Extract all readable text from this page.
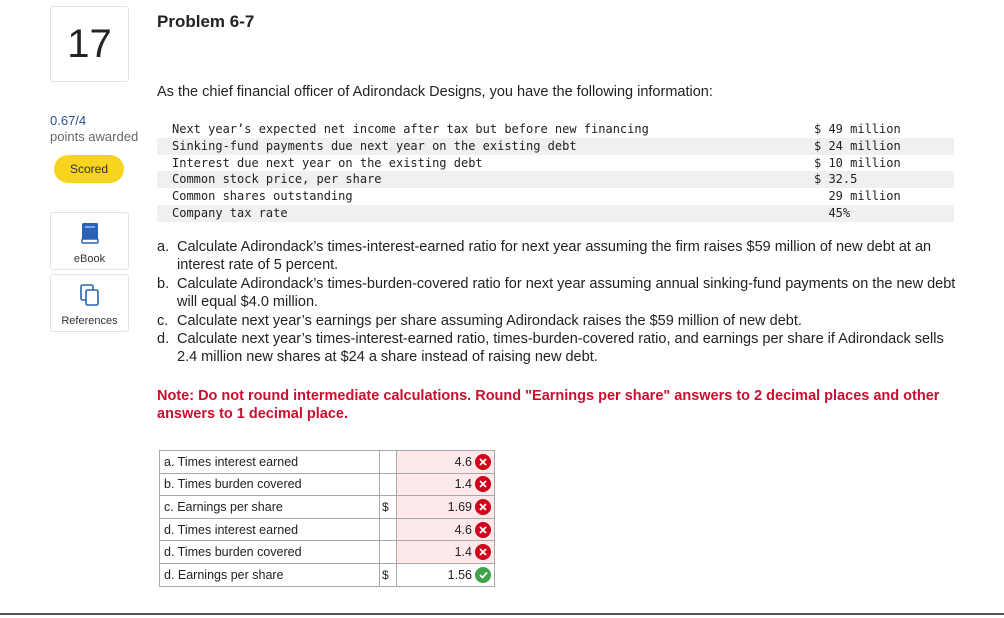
17
0.67/4
points awarded
Scored
eBook
References
Problem 6-7
As the chief financial officer of Adirondack Designs, you have the following information:
Next year’s expected net income after tax but before new financing	$ 49 million
Sinking-fund payments due next year on the existing debt	$ 24 million
Interest due next year on the existing debt	$ 10 million
Common stock price, per share	$ 32.5
Common shares outstanding	29 million
Company tax rate	45%
a. Calculate Adirondack’s times-interest-earned ratio for next year assuming the firm raises $59 million of new debt at an interest rate of 5 percent.
b. Calculate Adirondack’s times-burden-covered ratio for next year assuming annual sinking-fund payments on the new debt will equal $4.0 million.
c. Calculate next year’s earnings per share assuming Adirondack raises the $59 million of new debt.
d. Calculate next year’s times-interest-earned ratio, times-burden-covered ratio, and earnings per share if Adirondack sells 2.4 million new shares at $24 a share instead of raising new debt.
Note: Do not round intermediate calculations. Round "Earnings per share" answers to 2 decimal places and other answers to 1 decimal place.
a. Times interest earned		4.6

b. Times burden covered		1.4

c. Earnings per share	$	1.69

d. Times interest earned		4.6

d. Times burden covered		1.4

d. Earnings per share	$	1.56
